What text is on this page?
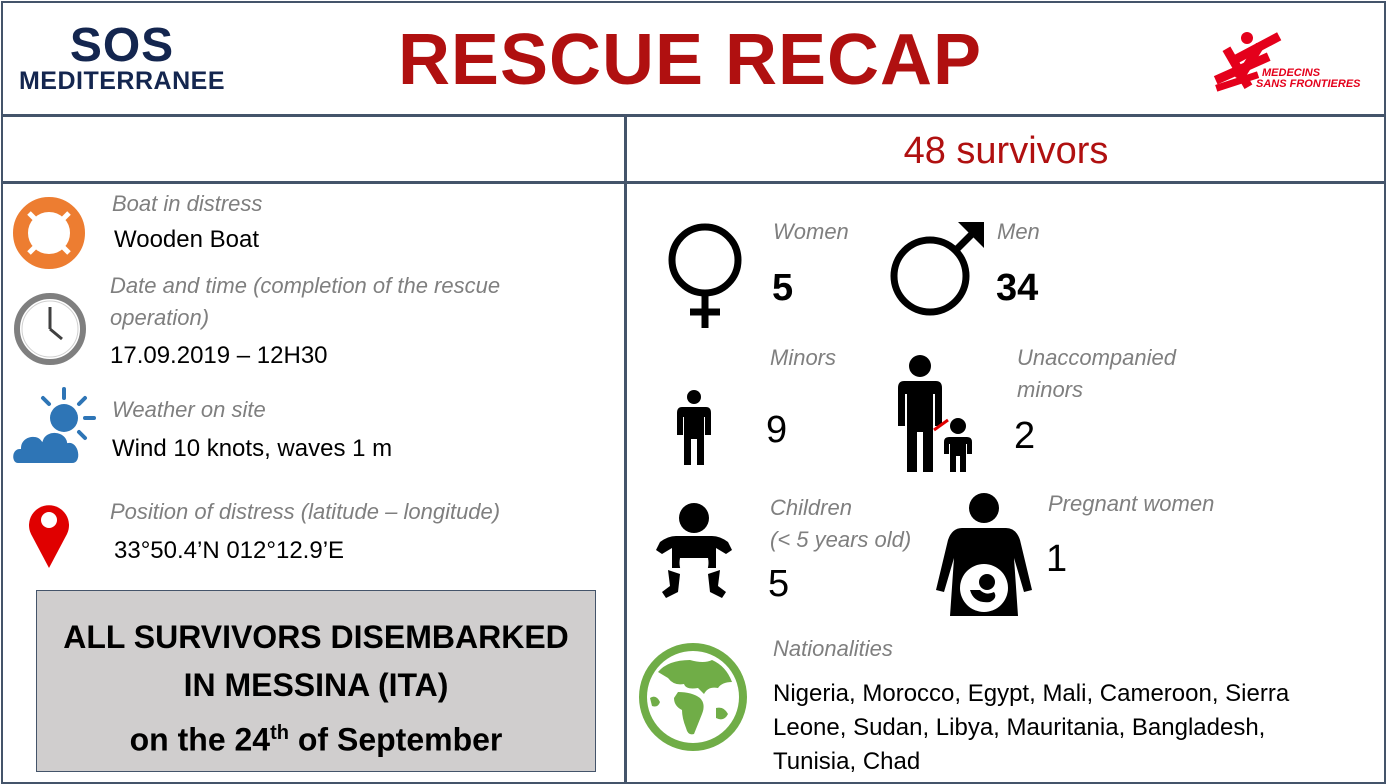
SOS
MEDITERRANEE RESCUE RECAP	MEDECINS
SANS FRONTIERES
48 survivors
Boat in distress
Wooden Boat
Date and time (completion of the rescue
operation)
17.09.2019 – 12H30
Weather on site
Wind 10 knots, waves 1 m
Position of distress (latitude – longitude)
33°50.4’N 012°12.9’E
ALL SURVIVORS DISEMBARKED
IN MESSINA (ITA)
on the 24th of September
Women
5
Men
34
Minors
9
Unaccompanied
minors
2
Children
(< 5 years old)
5
Pregnant women
1
Nationalities
Nigeria, Morocco, Egypt, Mali, Cameroon, Sierra
Leone, Sudan, Libya, Mauritania, Bangladesh,
Tunisia, Chad
